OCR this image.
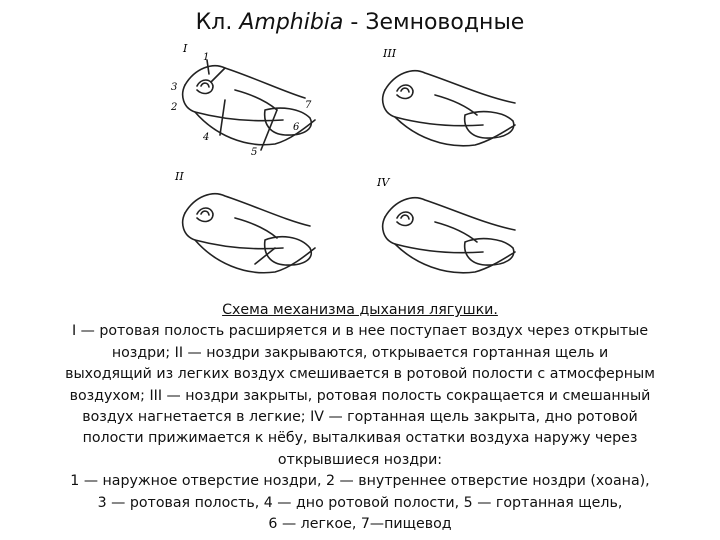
Кл. Amphibia - Земноводные
I
1
2
3
4
5
6
7
III
II	IV
Схема механизма дыхания лягушки.
I — ротовая полость расширяется и в нее поступает воздух через открытые
ноздри; II — ноздри закрываются, открывается гортанная щель и
выходящий из легких воздух смешивается в ротовой полости с атмосферным
воздухом; III — ноздри закрыты, ротовая полость сокращается и смешанный
воздух нагнетается в легкие; IV — гортанная щель закрыта, дно ротовой
полости прижимается к нёбу, выталкивая остатки воздуха наружу через
открывшиеся ноздри:
1 — наружное отверстие ноздри, 2 — внутреннее отверстие ноздри (хоана),
3 — ротовая полость, 4 — дно ротовой полости, 5 — гортанная щель,
6 — легкое, 7—пищевод
